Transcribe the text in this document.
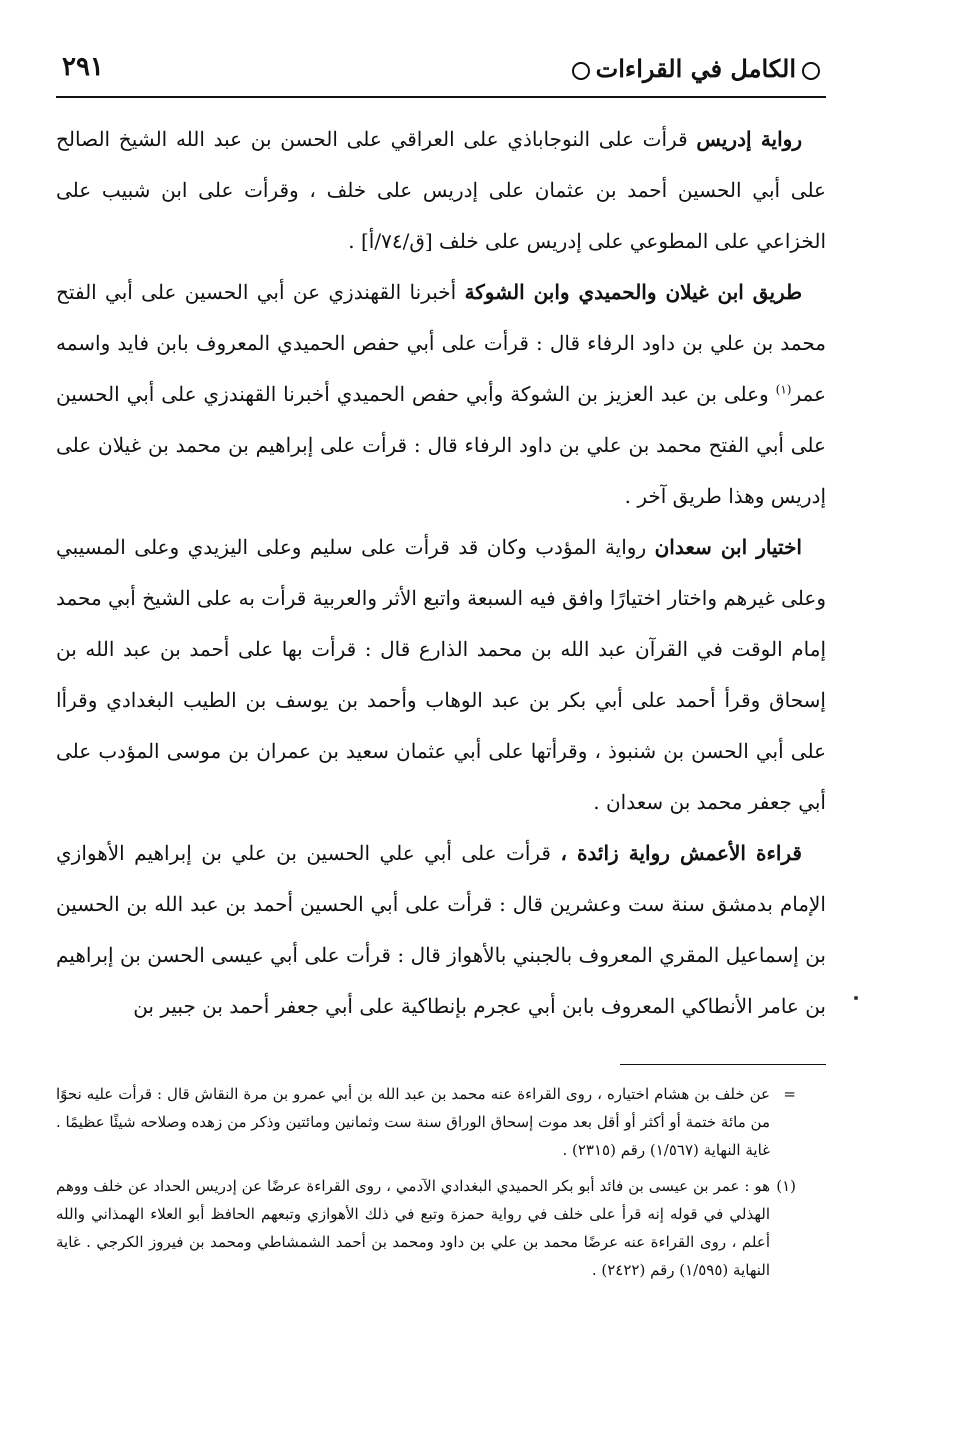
الكامل في القراءات
٢٩١

رواية إدريس قرأت على النوجاباذي على العراقي على الحسن بن عبد الله الشيخ الصالح على أبي الحسين أحمد بن عثمان على إدريس على خلف ، وقرأت على ابن شبيب على الخزاعي على المطوعي على إدريس على خلف [ق/٧٤/أ] .

طريق ابن غيلان والحميدي وابن الشوكة أخبرنا القهندزي عن أبي الحسين على أبي الفتح محمد بن علي بن داود الرفاء قال : قرأت على أبي حفص الحميدي المعروف بابن فايد واسمه عمر$^{(١)}$ وعلى بن عبد العزيز بن الشوكة وأبي حفص الحميدي أخبرنا القهندزي على أبي الحسين على أبي الفتح محمد بن علي بن داود الرفاء قال : قرأت على إبراهيم بن محمد بن غيلان على إدريس وهذا طريق آخر .

اختيار ابن سعدان رواية المؤدب وكان قد قرأت على سليم وعلى اليزيدي وعلى المسيبي وعلى غيرهم واختار اختيارًا وافق فيه السبعة واتبع الأثر والعربية قرأت به على الشيخ أبي محمد إمام الوقت في القرآن عبد الله بن محمد الذارع قال : قرأت بها على أحمد بن عبد الله بن إسحاق وقرأ أحمد على أبي بكر بن عبد الوهاب وأحمد بن يوسف بن الطيب البغدادي وقرأا على أبي الحسن بن شنبوذ ، وقرأتها على أبي عثمان سعيد بن عمران بن موسى المؤدب على أبي جعفر محمد بن سعدان .

قراءة الأعمش رواية زائدة ، قرأت على أبي علي الحسين بن علي بن إبراهيم الأهوازي الإمام بدمشق سنة ست وعشرين قال : قرأت على أبي الحسين أحمد بن عبد الله بن الحسين بن إسماعيل المقري المعروف بالجبني بالأهواز قال : قرأت على أبي عيسى الحسن بن إبراهيم بن عامر الأنطاكي المعروف بابن أبي عجرم بإنطاكية على أبي جعفر أحمد بن جبير بن

=
عن خلف بن هشام اختياره ، روى القراءة عنه محمد بن عبد الله بن أبي عمرو بن مرة النقاش قال : قرأت عليه نحوًا من مائة ختمة أو أكثر أو أقل بعد موت إسحاق الوراق سنة ست وثمانين ومائتين وذكر من زهده وصلاحه شيئًا عظيمًا . غاية النهاية (١/٥٦٧) رقم (٢٣١٥) .

(١)
هو : عمر بن عيسى بن فائد أبو بكر الحميدي البغدادي الآدمي ، روى القراءة عرضًا عن إدريس الحداد عن خلف ووهم الهذلي في قوله إنه قرأ على خلف في رواية حمزة وتبع في ذلك الأهوازي وتبعهم الحافظ أبو العلاء الهمذاني والله أعلم ، روى القراءة عنه عرضًا محمد بن علي بن داود ومحمد بن أحمد الشمشاطي ومحمد بن فيروز الكرجي . غاية النهاية (١/٥٩٥) رقم (٢٤٢٢) .
